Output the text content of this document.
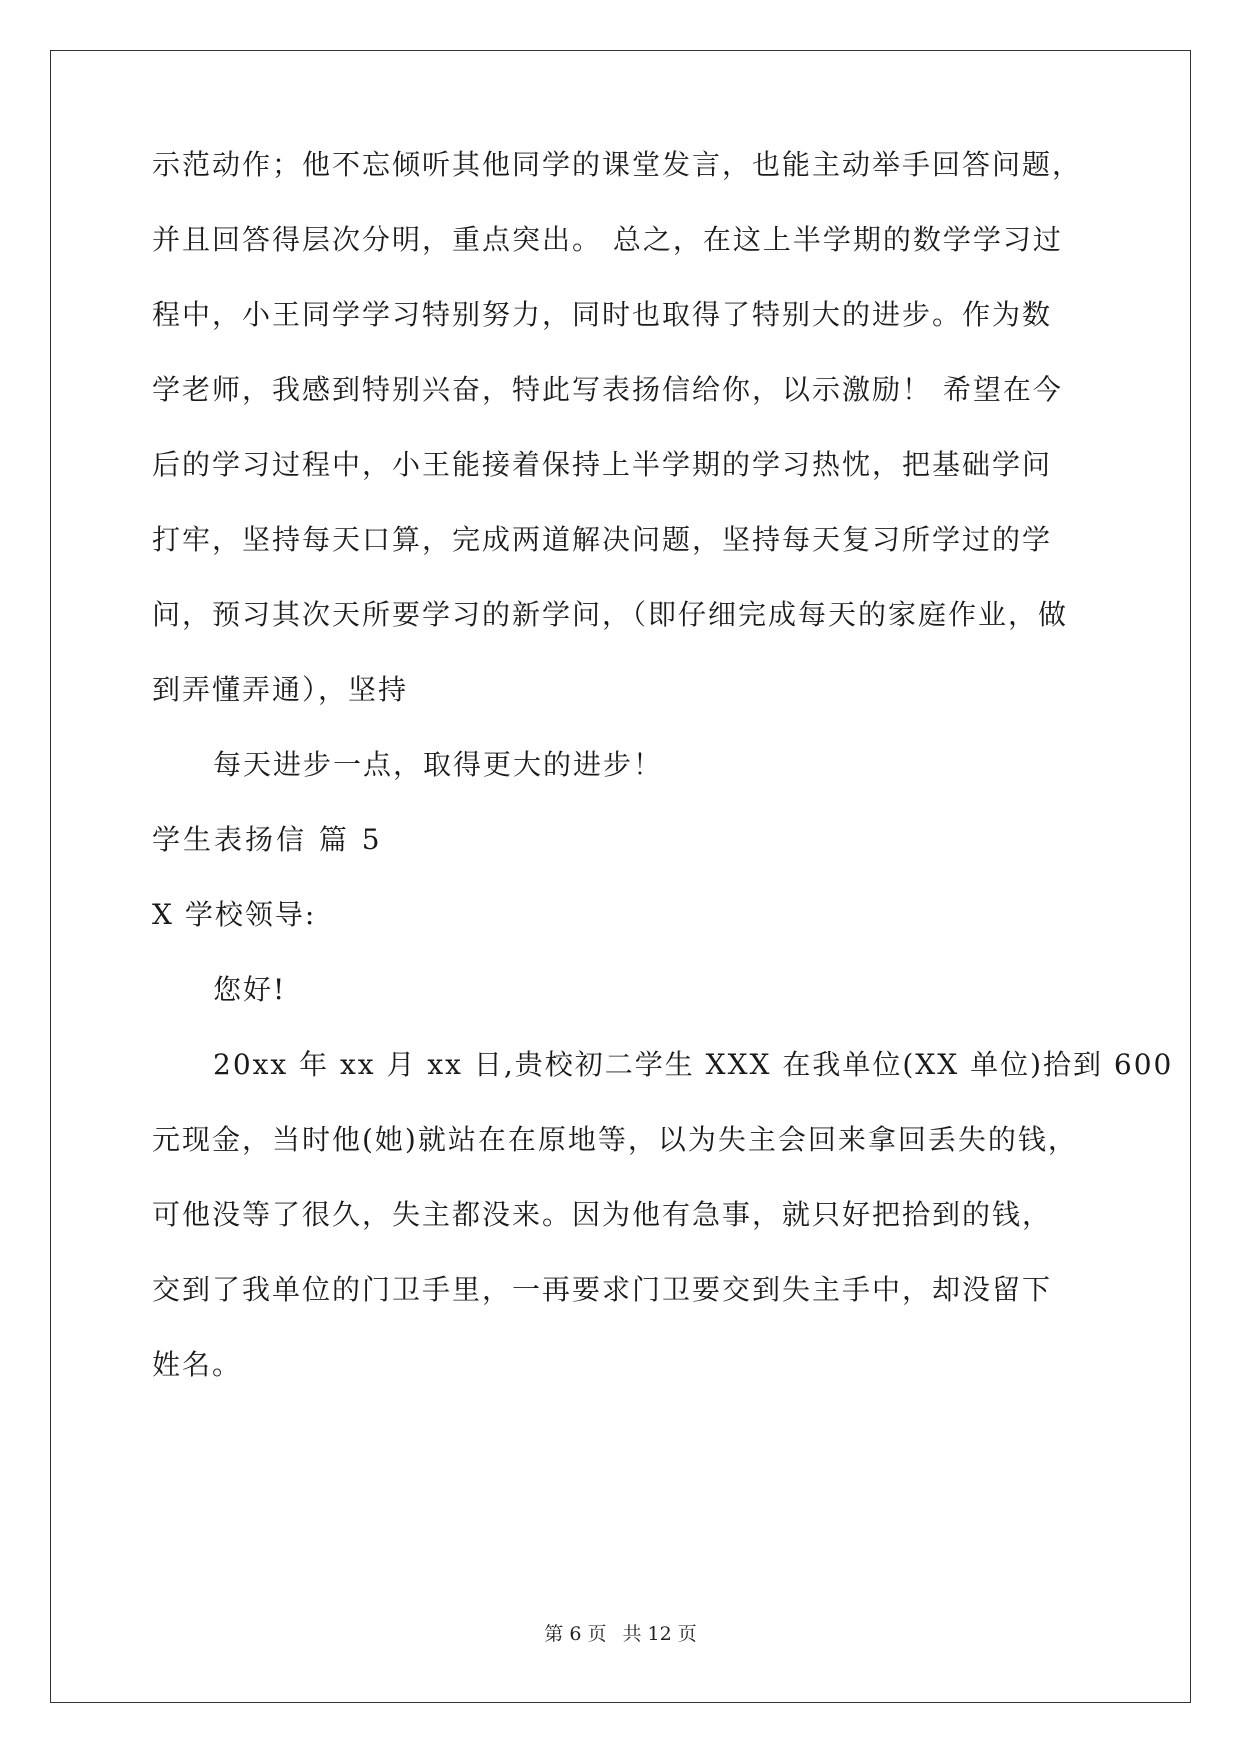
示范动作；他不忘倾听其他同学的课堂发言，也能主动举手回答问题，
并且回答得层次分明，重点突出。 总之，在这上半学期的数学学习过
程中，小王同学学习特别努力，同时也取得了特别大的进步。作为数
学老师，我感到特别兴奋，特此写表扬信给你，以示激励！ 希望在今
后的学习过程中，小王能接着保持上半学期的学习热忱，把基础学问
打牢，坚持每天口算，完成两道解决问题，坚持每天复习所学过的学
问，预习其次天所要学习的新学问，（即仔细完成每天的家庭作业，做
到弄懂弄通），坚持
每天进步一点，取得更大的进步！
学生表扬信 篇 5
X 学校领导:
您好!
20xx 年 xx 月 xx 日,贵校初二学生 XXX 在我单位(XX 单位)拾到 600
元现金，当时他(她)就站在在原地等，以为失主会回来拿回丢失的钱，
可他没等了很久，失主都没来。因为他有急事，就只好把拾到的钱，
交到了我单位的门卫手里，一再要求门卫要交到失主手中，却没留下
姓名。
第 6 页 共 12 页
